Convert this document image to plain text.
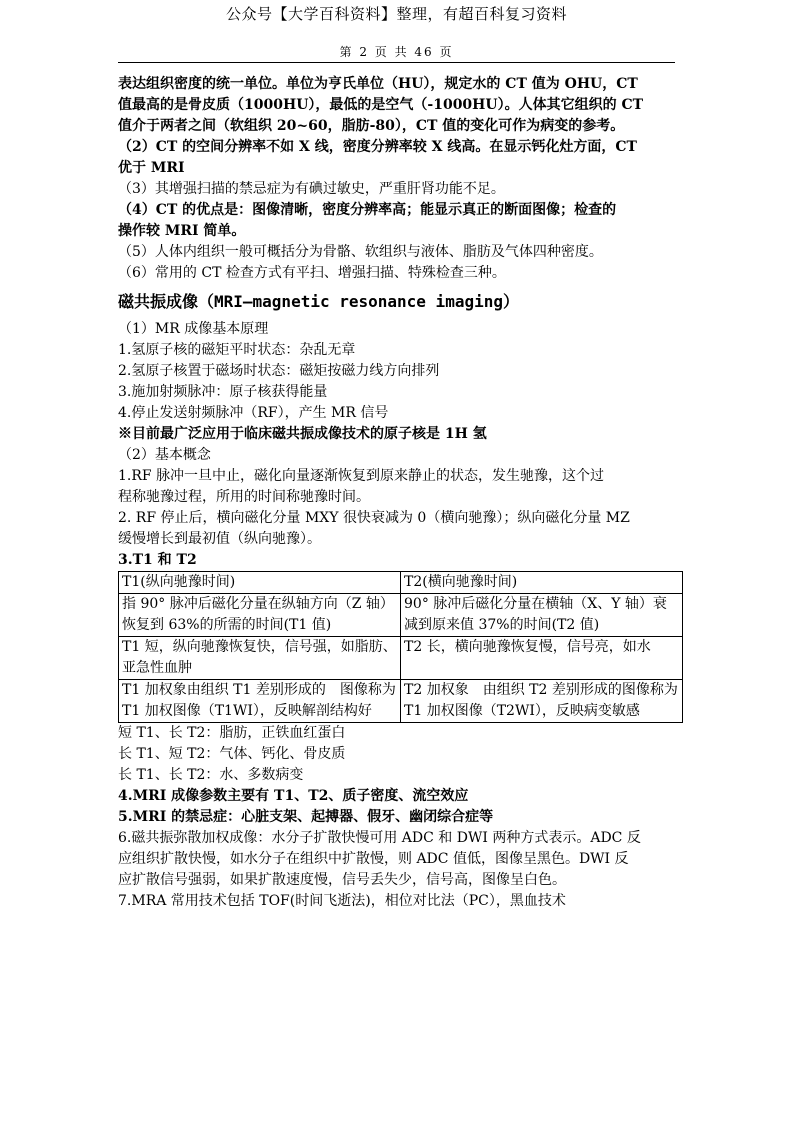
公众号【大学百科资料】整理，有超百科复习资料
第 2 页 共 46 页

表达组织密度的统一单位。单位为亨氏单位（HU），规定水的 CT 值为 OHU，CT

值最高的是骨皮质（1000HU），最低的是空气（-1000HU）。人体其它组织的 CT

值介于两者之间（软组织 20~60，脂肪-80），CT 值的变化可作为病变的参考。

（2）CT 的空间分辨率不如 X 线，密度分辨率较 X 线高。在显示钙化灶方面，CT

优于 MRI

（3）其增强扫描的禁忌症为有碘过敏史，严重肝肾功能不足。

（4）CT 的优点是：图像清晰，密度分辨率高；能显示真正的断面图像；检查的

操作较 MRI 简单。

（5）人体内组织一般可概括分为骨骼、软组织与液体、脂肪及气体四种密度。

（6）常用的 CT 检查方式有平扫、增强扫描、特殊检查三种。

磁共振成像（MRI—magnetic resonance imaging）

（1）MR 成像基本原理

1.氢原子核的磁矩平时状态：杂乱无章

2.氢原子核置于磁场时状态：磁矩按磁力线方向排列

3.施加射频脉冲：原子核获得能量

4.停止发送射频脉冲（RF），产生 MR 信号

※目前最广泛应用于临床磁共振成像技术的原子核是 1H 氢

（2）基本概念

1.RF 脉冲一旦中止，磁化向量逐渐恢复到原来静止的状态，发生驰豫，这个过

程称驰豫过程，所用的时间称驰豫时间。

2. RF 停止后，横向磁化分量 MXY 很快衰减为 0（横向驰豫）；纵向磁化分量 MZ

缓慢增长到最初值（纵向驰豫）。

3.T1 和 T2

T1(纵向驰豫时间)	T2(横向驰豫时间)
指 90° 脉冲后磁化分量在纵轴方向（Z 轴）恢复到 63%的所需的时间(T1 值)	90° 脉冲后磁化分量在横轴（X、Y 轴）衰减到原来值 37%的时间(T2 值)
T1 短，纵向驰豫恢复快，信号强，如脂肪、亚急性血肿	T2 长，横向驰豫恢复慢，信号亮，如水
T1 加权象由组织 T1 差别形成的　图像称为 T1 加权图像（T1WI），反映解剖结构好	T2 加权象　由组织 T2 差别形成的图像称为 T1 加权图像（T2WI），反映病变敏感

短 T1、长 T2：脂肪，正铁血红蛋白

长 T1、短 T2：气体、钙化、骨皮质

长 T1、长 T2：水、多数病变

4.MRI 成像参数主要有 T1、T2、质子密度、流空效应

5.MRI 的禁忌症：心脏支架、起搏器、假牙、幽闭综合症等

6.磁共振弥散加权成像：水分子扩散快慢可用 ADC 和 DWI 两种方式表示。ADC 反

应组织扩散快慢，如水分子在组织中扩散慢，则 ADC 值低，图像呈黑色。DWI 反

应扩散信号强弱，如果扩散速度慢，信号丢失少，信号高，图像呈白色。

7.MRA 常用技术包括 TOF(时间飞逝法)，相位对比法（PC），黑血技术
